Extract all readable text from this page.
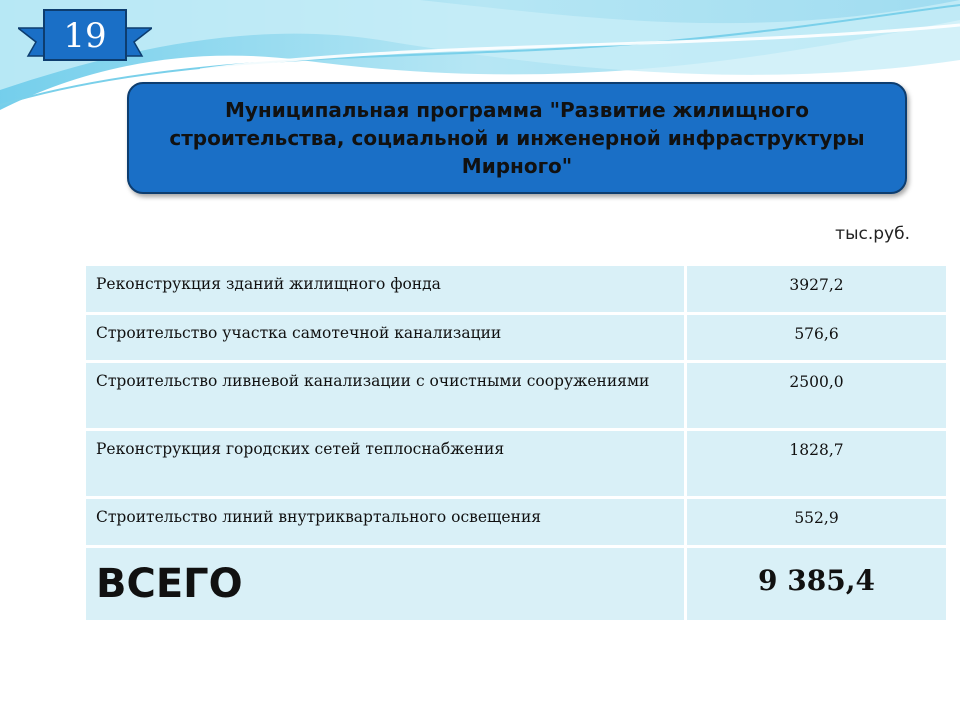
19
Муниципальная программа "Развитие жилищного строительства, социальной и инженерной инфраструктуры Мирного"
тыс.руб.
Реконструкция зданий жилищного фонда	3927,2
Строительство участка самотечной канализации	576,6
Строительство ливневой канализации с очистными сооружениями	2500,0
Реконструкция городских сетей теплоснабжения	1828,7
Строительство линий внутриквартального освещения	552,9
ВСЕГО	9 385,4
